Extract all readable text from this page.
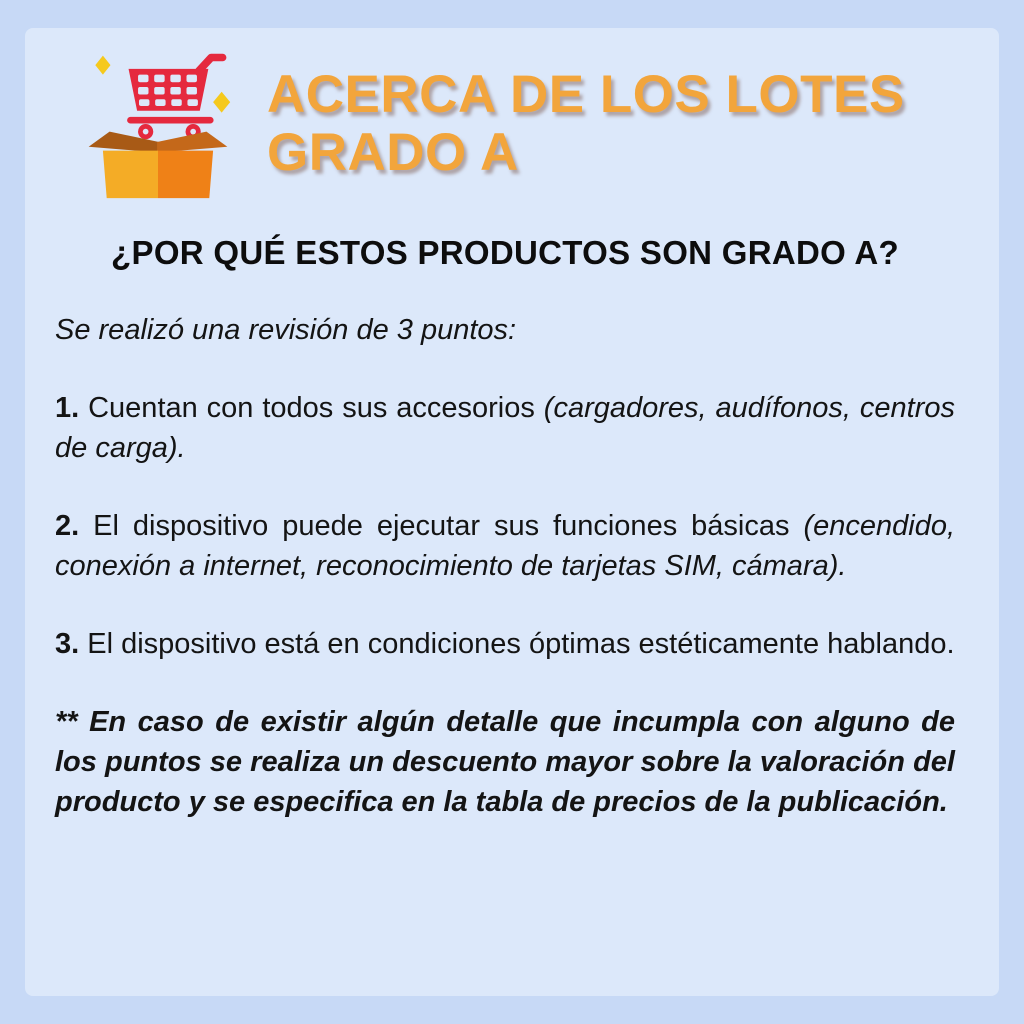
ACERCA DE LOS LOTES
GRADO A
¿POR QUÉ ESTOS PRODUCTOS SON GRADO A?

Se realizó una revisión de 3 puntos:

1. Cuentan con todos sus accesorios (cargadores, audífonos, centros de carga).

2. El dispositivo puede ejecutar sus funciones básicas (encendido, conexión a internet, reconocimiento de tarjetas SIM, cámara).

3. El dispositivo está en condiciones óptimas estéticamente hablando.

** En caso de existir algún detalle que incumpla con alguno de los puntos se realiza un descuento mayor sobre la valoración del producto y se especifica en la tabla de precios de la publicación.
